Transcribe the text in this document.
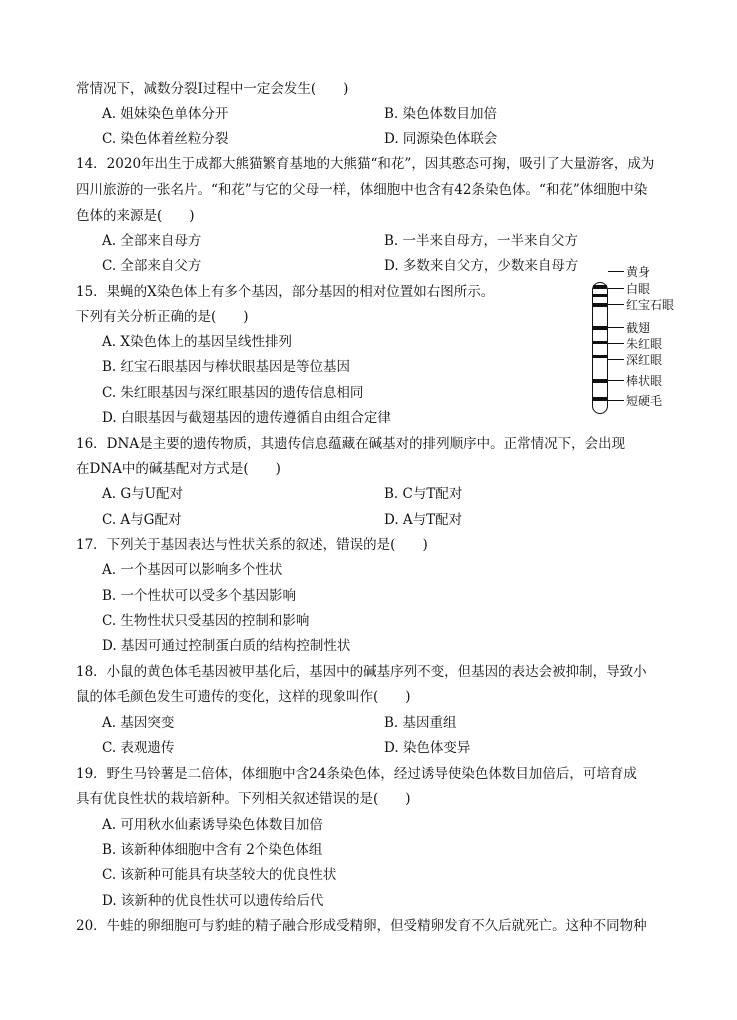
常情况下，减数分裂Ⅰ过程中一定会发生(　　)
A. 姐妹染色单体分开	B. 染色体数目加倍
C. 染色体着丝粒分裂	D. 同源染色体联会
14．2020年出生于成都大熊猫繁育基地的大熊猫“和花”，因其憨态可掬，吸引了大量游客，成为
四川旅游的一张名片。“和花”与它的父母一样，体细胞中也含有42条染色体。“和花”体细胞中染
色体的来源是(　　)
A. 全部来自母方	B. 一半来自母方，一半来自父方
C. 全部来自父方	D. 多数来自父方，少数来自母方
15．果蝇的X染色体上有多个基因，部分基因的相对位置如右图所示。
下列有关分析正确的是(　　)
A. X染色体上的基因呈线性排列
B. 红宝石眼基因与棒状眼基因是等位基因
C. 朱红眼基因与深红眼基因的遗传信息相同
D. 白眼基因与截翅基因的遗传遵循自由组合定律
黄身
白眼
红宝石眼
截翅
朱红眼
深红眼
棒状眼
短硬毛
16．DNA是主要的遗传物质，其遗传信息蕴藏在碱基对的排列顺序中。正常情况下，会出现
在DNA中的碱基配对方式是(　　)
A. G与U配对	B. C与T配对
C. A与G配对	D. A与T配对
17．下列关于基因表达与性状关系的叙述，错误的是(　　)
A. 一个基因可以影响多个性状
B. 一个性状可以受多个基因影响
C. 生物性状只受基因的控制和影响
D. 基因可通过控制蛋白质的结构控制性状
18．小鼠的黄色体毛基因被甲基化后，基因中的碱基序列不变，但基因的表达会被抑制，导致小
鼠的体毛颜色发生可遗传的变化，这样的现象叫作(　　)
A. 基因突变	B. 基因重组
C. 表观遗传	D. 染色体变异
19．野生马铃薯是二倍体，体细胞中含24条染色体，经过诱导使染色体数目加倍后，可培育成
具有优良性状的栽培新种。下列相关叙述错误的是(　　)
A. 可用秋水仙素诱导染色体数目加倍
B. 该新种体细胞中含有 2个染色体组
C. 该新种可能具有块茎较大的优良性状
D. 该新种的优良性状可以遗传给后代
20．牛蛙的卵细胞可与豹蛙的精子融合形成受精卵，但受精卵发育不久后就死亡。这种不同物种
